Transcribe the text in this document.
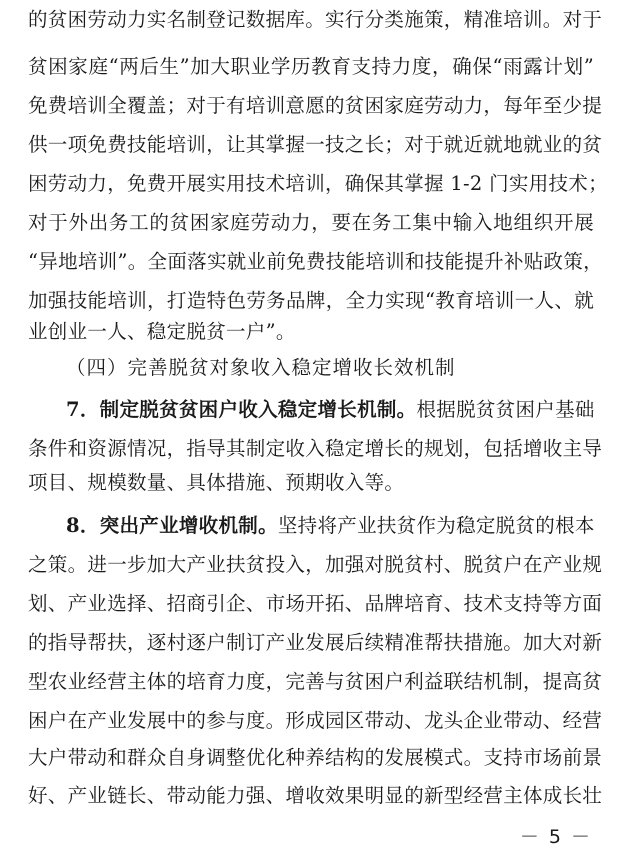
的贫困劳动力实名制登记数据库。实行分类施策，精准培训。对于
贫困家庭“两后生”加大职业学历教育支持力度，确保“雨露计划”
免费培训全覆盖；对于有培训意愿的贫困家庭劳动力，每年至少提
供一项免费技能培训，让其掌握一技之长；对于就近就地就业的贫
困劳动力，免费开展实用技术培训，确保其掌握 1-2 门实用技术；
对于外出务工的贫困家庭劳动力，要在务工集中输入地组织开展
“异地培训”。全面落实就业前免费技能培训和技能提升补贴政策，
加强技能培训，打造特色劳务品牌，全力实现“教育培训一人、就
业创业一人、稳定脱贫一户”。
（四）完善脱贫对象收入稳定增收长效机制
7．制定脱贫贫困户收入稳定增长机制。根据脱贫贫困户基础
条件和资源情况，指导其制定收入稳定增长的规划，包括增收主导
项目、规模数量、具体措施、预期收入等。
8．突出产业增收机制。坚持将产业扶贫作为稳定脱贫的根本
之策。进一步加大产业扶贫投入，加强对脱贫村、脱贫户在产业规
划、产业选择、招商引企、市场开拓、品牌培育、技术支持等方面
的指导帮扶，逐村逐户制订产业发展后续精准帮扶措施。加大对新
型农业经营主体的培育力度，完善与贫困户利益联结机制，提高贫
困户在产业发展中的参与度。形成园区带动、龙头企业带动、经营
大户带动和群众自身调整优化种养结构的发展模式。支持市场前景
好、产业链长、带动能力强、增收效果明显的新型经营主体成长壮
－ 5 －
